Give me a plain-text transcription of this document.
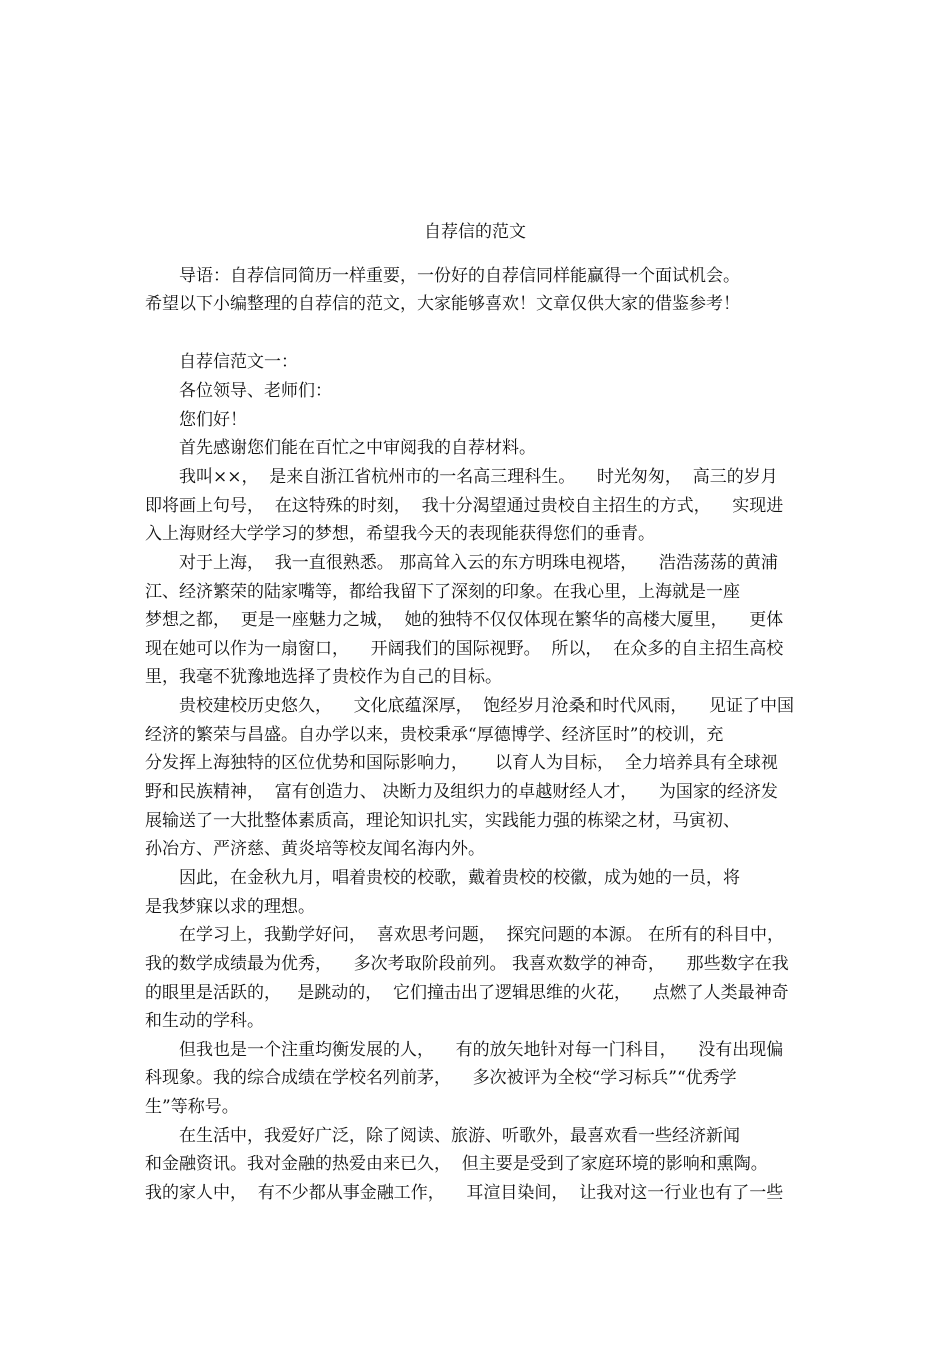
自荐信的范文
　　导语：自荐信同简历一样重要，一份好的自荐信同样能赢得一个面试机会。
希望以下小编整理的自荐信的范文，大家能够喜欢！文章仅供大家的借鉴参考！
　　自荐信范文一：
　　各位领导、老师们：
　　您们好！
　　首先感谢您们能在百忙之中审阅我的自荐材料。
　　我叫××，  是来自浙江省杭州市的一名高三理科生。    时光匆匆，  高三的岁月
即将画上句号，  在这特殊的时刻，  我十分渴望通过贵校自主招生的方式，    实现进
入上海财经大学学习的梦想，希望我今天的表现能获得您们的垂青。
　　对于上海，  我一直很熟悉。 那高耸入云的东方明珠电视塔，    浩浩荡荡的黄浦
江、经济繁荣的陆家嘴等，都给我留下了深刻的印象。在我心里，上海就是一座
梦想之都，  更是一座魅力之城，  她的独特不仅仅体现在繁华的高楼大厦里，    更体
现在她可以作为一扇窗口，    开阔我们的国际视野。  所以，  在众多的自主招生高校
里，我毫不犹豫地选择了贵校作为自己的目标。
　　贵校建校历史悠久，    文化底蕴深厚，  饱经岁月沧桑和时代风雨，    见证了中国
经济的繁荣与昌盛。自办学以来，贵校秉承“厚德博学、经济匡时”的校训，充
分发挥上海独特的区位优势和国际影响力，     以育人为目标，  全力培养具有全球视
野和民族精神，  富有创造力、 决断力及组织力的卓越财经人才，    为国家的经济发
展输送了一大批整体素质高，理论知识扎实，实践能力强的栋梁之材，马寅初、
孙冶方、严济慈、黄炎培等校友闻名海内外。
　　因此，在金秋九月，唱着贵校的校歌，戴着贵校的校徽，成为她的一员，将
是我梦寐以求的理想。
　　在学习上，我勤学好问，  喜欢思考问题，  探究问题的本源。 在所有的科目中，
我的数学成绩最为优秀，    多次考取阶段前列。 我喜欢数学的神奇，    那些数字在我
的眼里是活跃的，   是跳动的，  它们撞击出了逻辑思维的火花，    点燃了人类最神奇
和生动的学科。
　　但我也是一个注重均衡发展的人，    有的放矢地针对每一门科目，    没有出现偏
科现象。我的综合成绩在学校名列前茅，    多次被评为全校“学习标兵”“优秀学
生”等称号。
　　在生活中，我爱好广泛，除了阅读、旅游、听歌外，最喜欢看一些经济新闻
和金融资讯。我对金融的热爱由来已久，  但主要是受到了家庭环境的影响和熏陶。
我的家人中，  有不少都从事金融工作，    耳渲目染间，  让我对这一行业也有了一些
